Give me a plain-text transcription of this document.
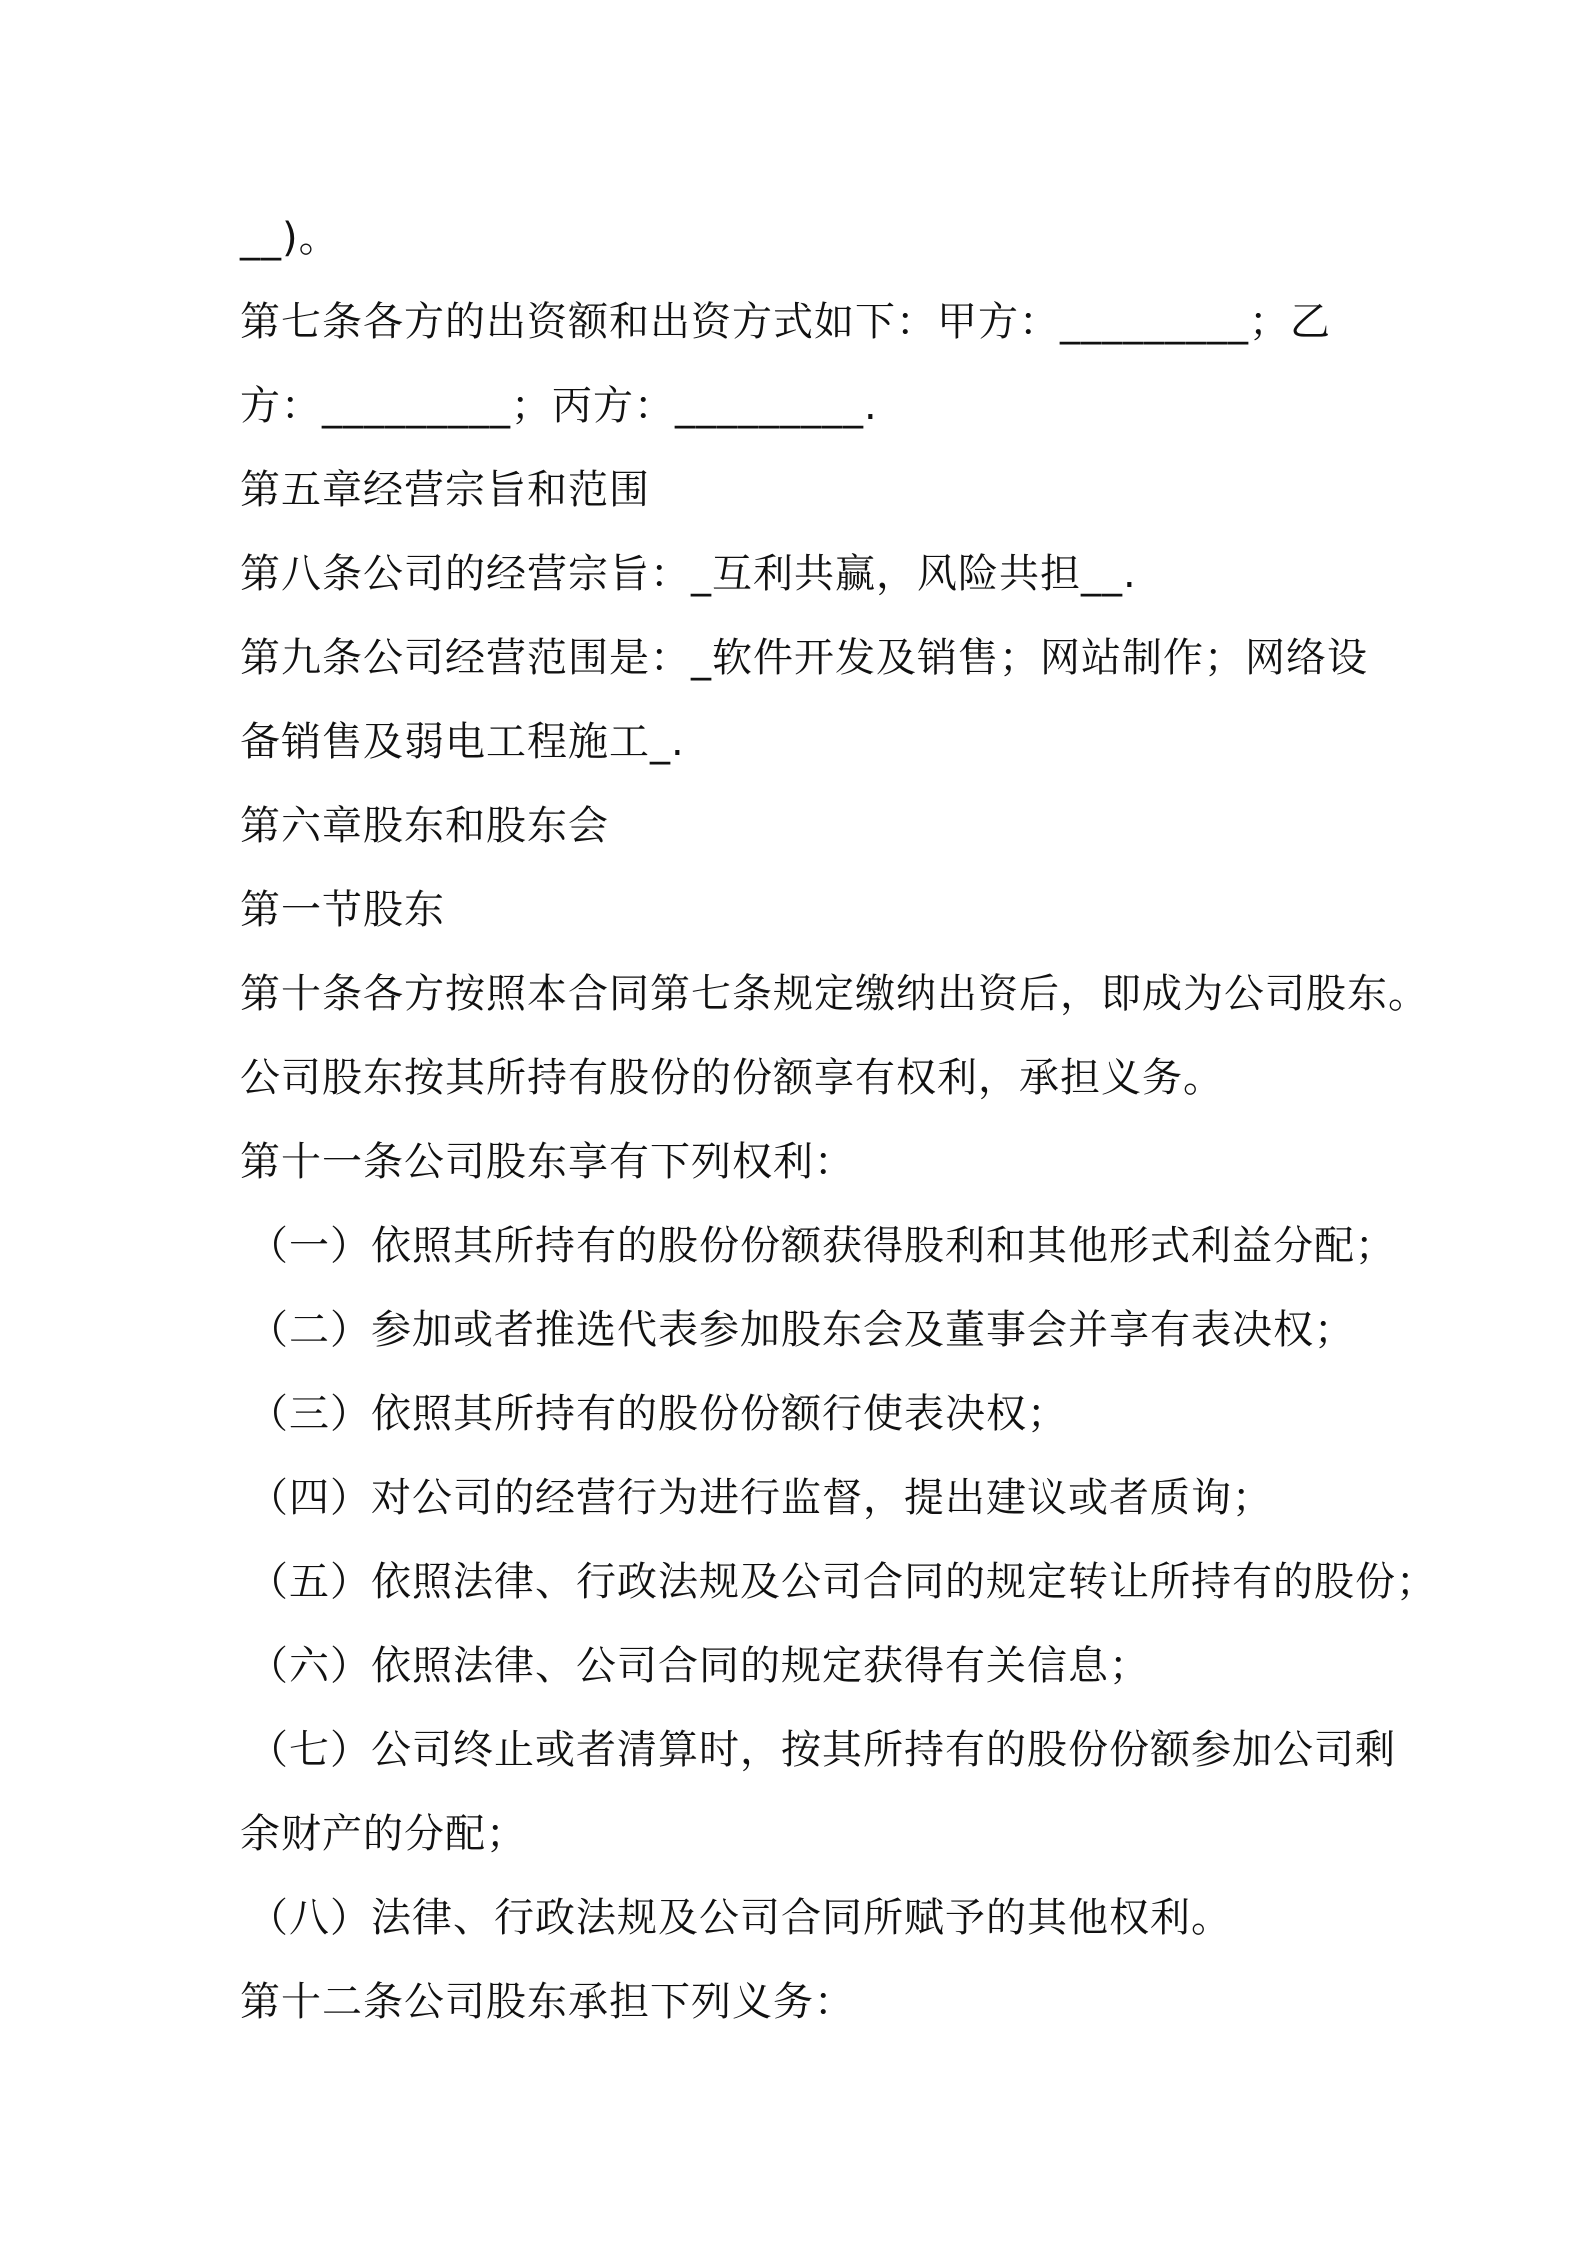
__)。
第七条各方的出资额和出资方式如下：甲方：_________；乙
方：_________；丙方：_________.
第五章经营宗旨和范围
第八条公司的经营宗旨：_互利共赢，风险共担__.
第九条公司经营范围是：_软件开发及销售；网站制作；网络设
备销售及弱电工程施工_.
第六章股东和股东会
第一节股东
第十条各方按照本合同第七条规定缴纳出资后，即成为公司股东。
公司股东按其所持有股份的份额享有权利，承担义务。
第十一条公司股东享有下列权利：
（一）依照其所持有的股份份额获得股利和其他形式利益分配；
（二）参加或者推选代表参加股东会及董事会并享有表决权；
（三）依照其所持有的股份份额行使表决权；
（四）对公司的经营行为进行监督，提出建议或者质询；
（五）依照法律、行政法规及公司合同的规定转让所持有的股份；
（六）依照法律、公司合同的规定获得有关信息；
（七）公司终止或者清算时，按其所持有的股份份额参加公司剩
余财产的分配；
（八）法律、行政法规及公司合同所赋予的其他权利。
第十二条公司股东承担下列义务：
